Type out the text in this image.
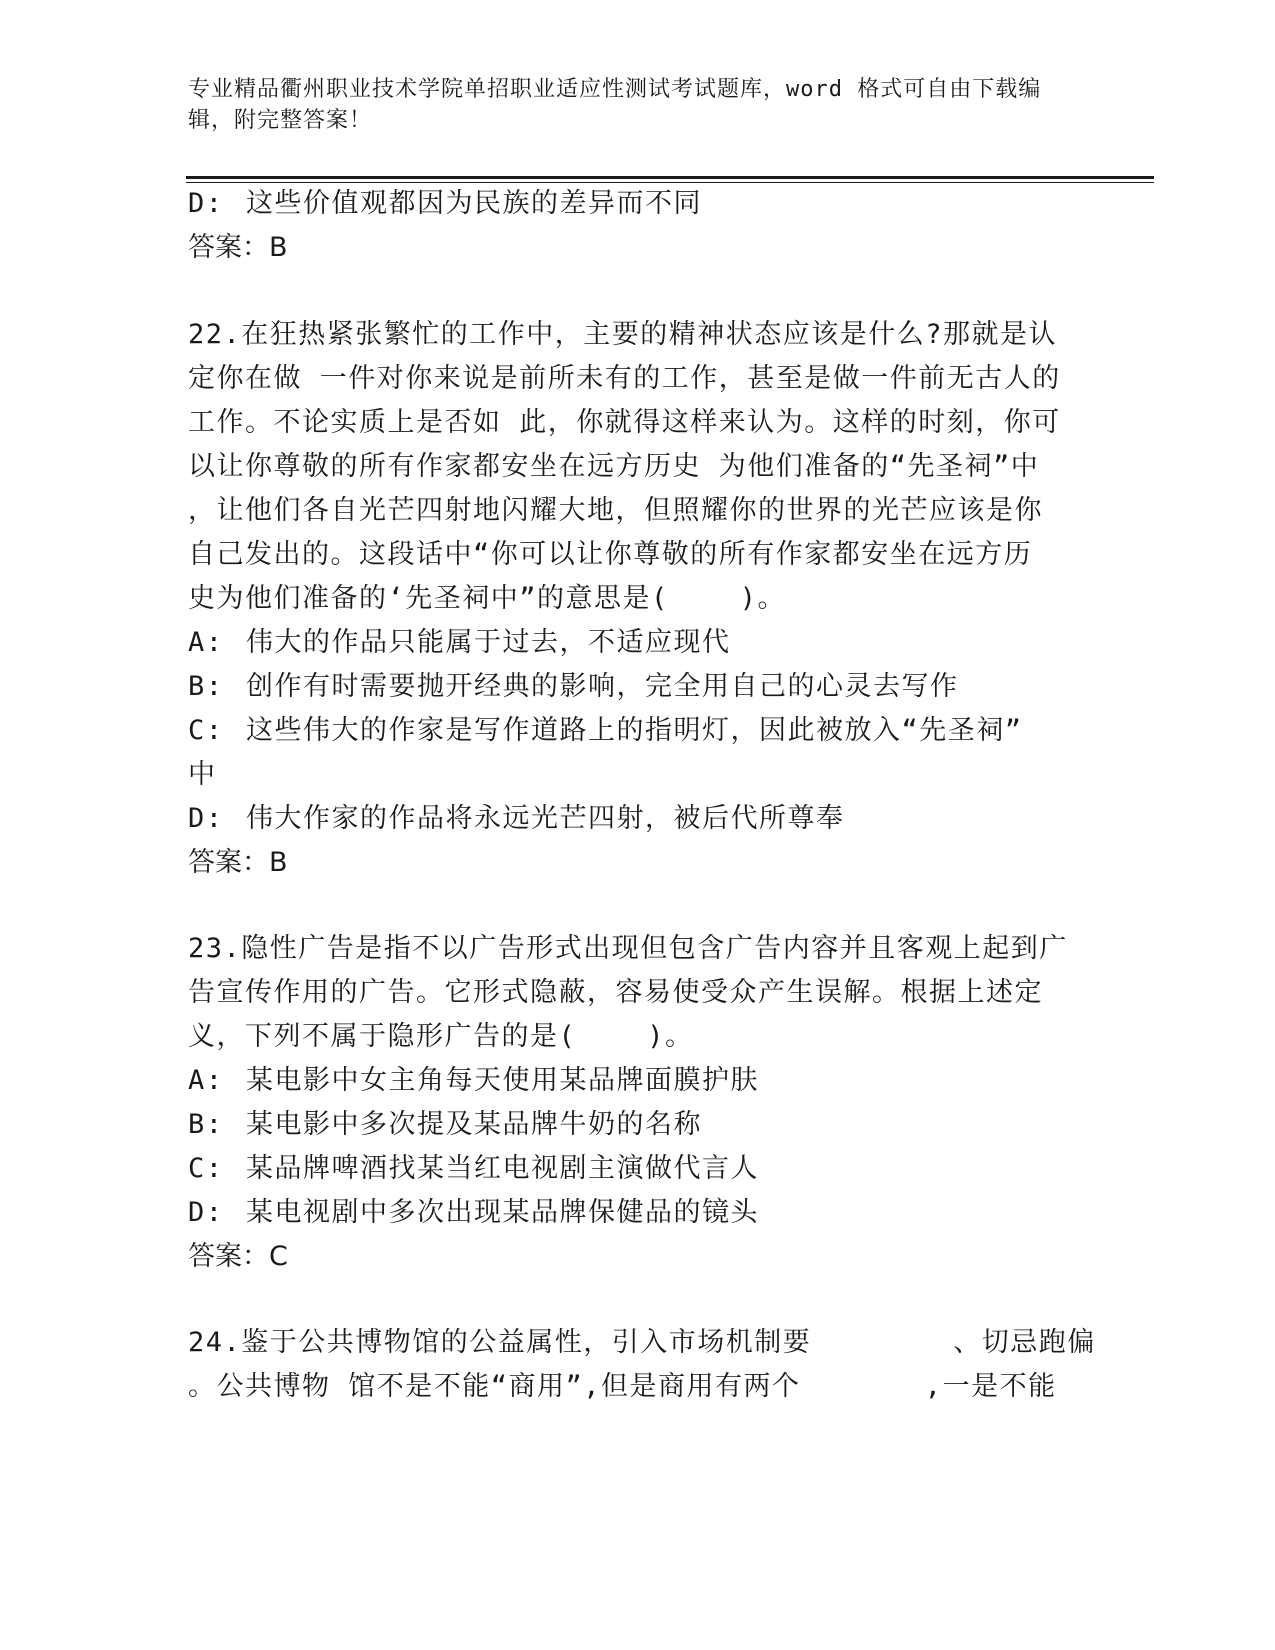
专业精品衢州职业技术学院单招职业适应性测试考试题库，word 格式可自由下载编辑，附完整答案！

D: 这些价值观都因为民族的差异而不同

答案：B

22.在狂热紧张繁忙的工作中，主要的精神状态应该是什么?那就是认

定你在做 一件对你来说是前所未有的工作，甚至是做一件前无古人的

工作。不论实质上是否如 此，你就得这样来认为。这样的时刻，你可

以让你尊敬的所有作家都安坐在远方历史 为他们准备的“先圣祠”中

，让他们各自光芒四射地闪耀大地，但照耀你的世界的光芒应该是你

自己发出的。这段话中“你可以让你尊敬的所有作家都安坐在远方历

史为他们准备的‘先圣祠中”的意思是(    )。

A: 伟大的作品只能属于过去，不适应现代

B: 创作有时需要抛开经典的影响，完全用自己的心灵去写作

C: 这些伟大的作家是写作道路上的指明灯，因此被放入“先圣祠”

中

D: 伟大作家的作品将永远光芒四射，被后代所尊奉

答案：B

23.隐性广告是指不以广告形式出现但包含广告内容并且客观上起到广

告宣传作用的广告。它形式隐蔽，容易使受众产生误解。根据上述定

义，下列不属于隐形广告的是(    )。

A: 某电影中女主角每天使用某品牌面膜护肤

B: 某电影中多次提及某品牌牛奶的名称

C: 某品牌啤酒找某当红电视剧主演做代言人

D: 某电视剧中多次出现某品牌保健品的镜头

答案：C

24.鉴于公共博物馆的公益属性，引入市场机制要        、切忌跑偏

。公共博物 馆不是不能“商用”,但是商用有两个       ,一是不能
